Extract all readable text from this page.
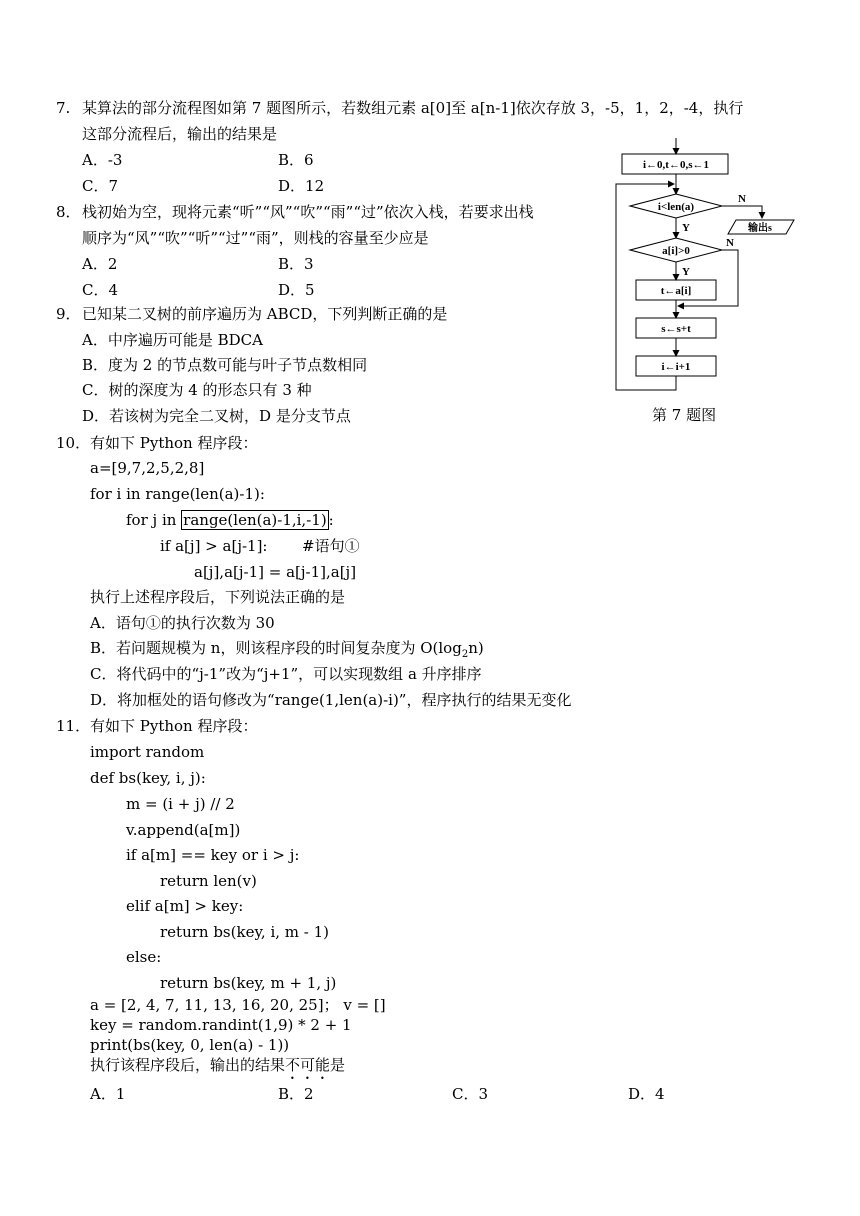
7. 某算法的部分流程图如第 7 题图所示，若数组元素 a[0]至 a[n-1]依次存放 3，-5，1，2，-4，执行
这部分流程后，输出的结果是
A．-3	B．6
C．7	D．12
i←0,t←0,s←1
i<len(a)
输出s
a[i]>0
t←a[i]
s←s+t
i←i+1
N
Y
N
Y
第 7 题图
8． 栈初始为空，现将元素“听”“风”“吹”“雨”“过”依次入栈，若要求出栈
顺序为“风”“吹”“听”“过”“雨”，则栈的容量至少应是
A．2	B．3
C．4	D．5
9． 已知某二叉树的前序遍历为 ABCD，下列判断正确的是
A．中序遍历可能是 BDCA
B．度为 2 的节点数可能与叶子节点数相同
C．树的深度为 4 的形态只有 3 种
D．若该树为完全二叉树，D 是分支节点
10． 有如下 Python 程序段：
a=[9,7,2,5,2,8]
for i in range(len(a)-1):
for j in range(len(a)-1,i,-1) :
if a[j] > a[j-1]: #语句①
a[j],a[j-1] = a[j-1],a[j]
执行上述程序段后，下列说法正确的是
A．语句①的执行次数为 30
B．若问题规模为 n，则该程序段的时间复杂度为 $O(\log_2n)$
C．将代码中的“j-1”改为“j+1”，可以实现数组 a 升序排序
D．将加框处的语句修改为“range(1,len(a)-i)”，程序执行的结果无变化
11． 有如下 Python 程序段：
import random
def bs(key, i, j):
m = (i + j) // 2
v.append(a[m])
if a[m] == key or i > j:
return len(v)
elif a[m] > key:
return bs(key, i, m - 1)
else:
return bs(key, m + 1, j)
a = [2, 4, 7, 11, 13, 16, 20, 25]； v = []
key = random.randint(1,9) * 2 + 1
print(bs(key, 0, len(a) - 1))
执行该程序段后，输出的结果不可能是
A．1	B．2	C．3	D．4
